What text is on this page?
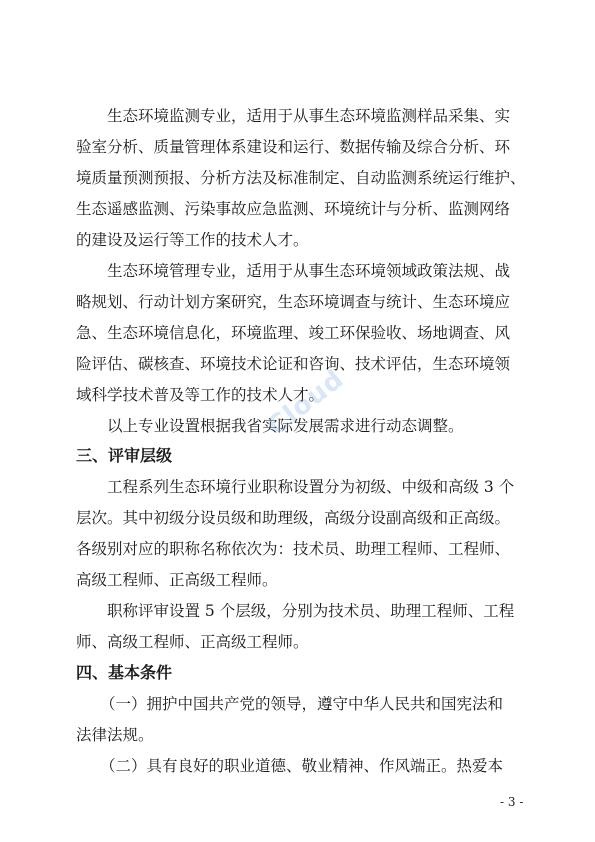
生态环境监测专业，适用于从事生态环境监测样品采集、实
验室分析、质量管理体系建设和运行、数据传输及综合分析、环
境质量预测预报、分析方法及标准制定、自动监测系统运行维护、
生态遥感监测、污染事故应急监测、环境统计与分析、监测网络
的建设及运行等工作的技术人才。
生态环境管理专业，适用于从事生态环境领域政策法规、战
略规划、行动计划方案研究，生态环境调查与统计、生态环境应
急、生态环境信息化，环境监理、竣工环保验收、场地调查、风
险评估、碳核查、环境技术论证和咨询、技术评估，生态环境领
域科学技术普及等工作的技术人才。
以上专业设置根据我省实际发展需求进行动态调整。
三、评审层级
工程系列生态环境行业职称设置分为初级、中级和高级 3 个
层次。其中初级分设员级和助理级，高级分设副高级和正高级。
各级别对应的职称名称依次为：技术员、助理工程师、工程师、
高级工程师、正高级工程师。
职称评审设置 5 个层级，分别为技术员、助理工程师、工程
师、高级工程师、正高级工程师。
四、基本条件
（一）拥护中国共产党的领导，遵守中华人民共和国宪法和
法律法规。
（二）具有良好的职业道德、敬业精神、作风端正。热爱本
Cloud
- 3 -
